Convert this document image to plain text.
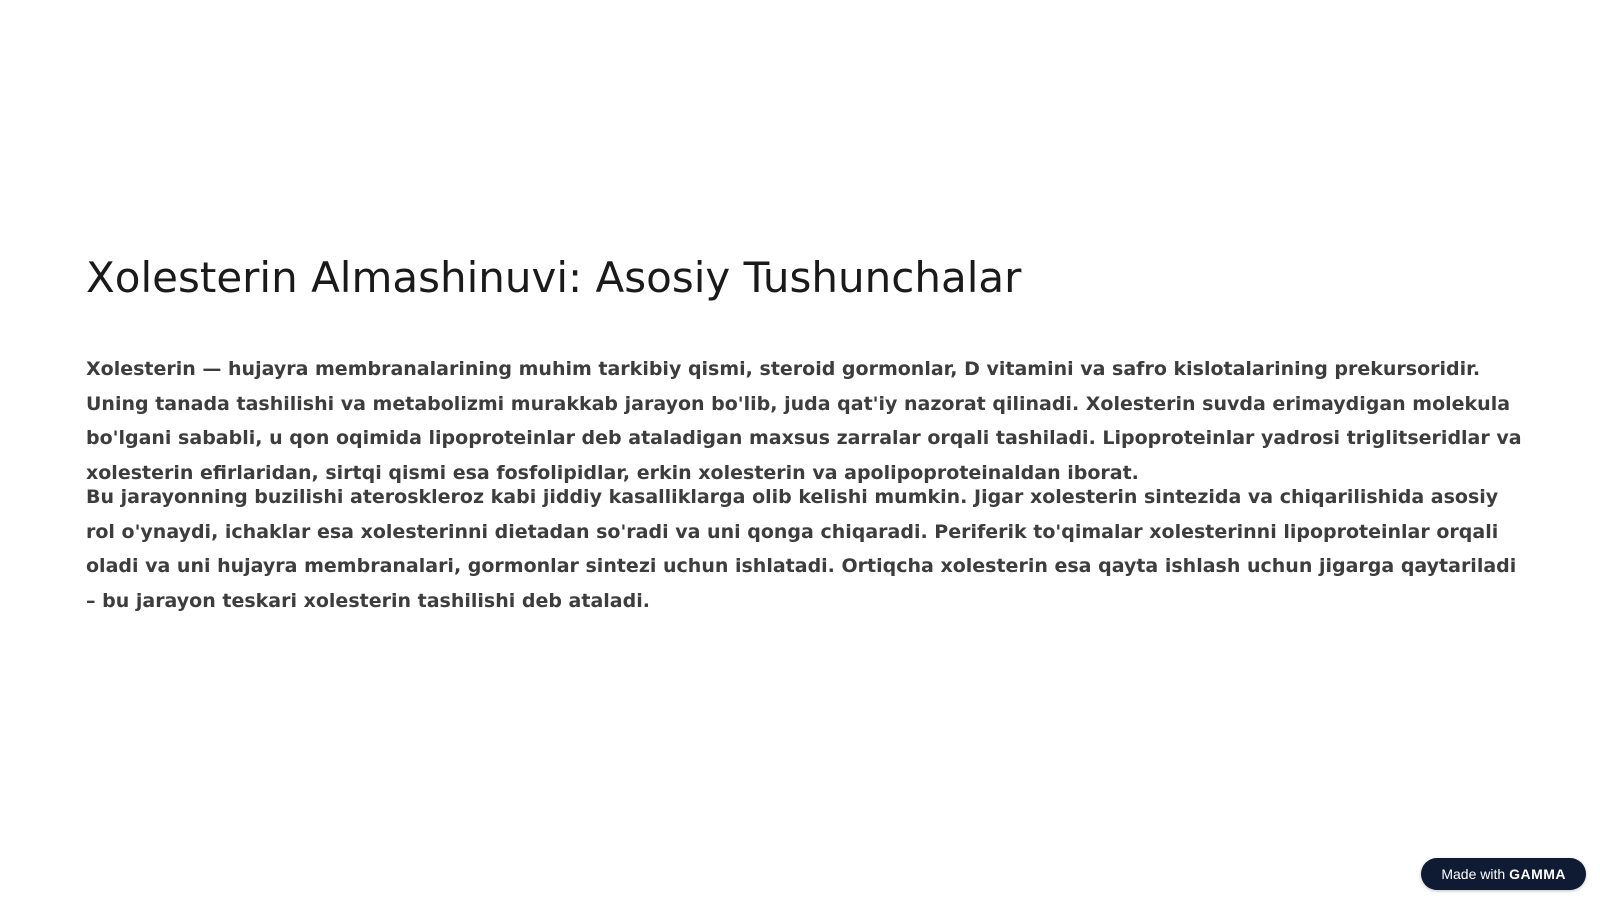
Xolesterin Almashinuvi: Asosiy Tushunchalar

Xolesterin — hujayra membranalarining muhim tarkibiy qismi, steroid gormonlar, D vitamini va safro kislotalarining prekursoridir. Uning tanada tashilishi va metabolizmi murakkab jarayon bo'lib, juda qat'iy nazorat qilinadi. Xolesterin suvda erimaydigan molekula bo'lgani sababli, u qon oqimida lipoproteinlar deb ataladigan maxsus zarralar orqali tashiladi. Lipoproteinlar yadrosi triglitseridlar va xolesterin efirlaridan, sirtqi qismi esa fosfolipidlar, erkin xolesterin va apolipoproteinaldan iborat.

Bu jarayonning buzilishi ateroskleroz kabi jiddiy kasalliklarga olib kelishi mumkin. Jigar xolesterin sintezida va chiqarilishida asosiy rol o'ynaydi, ichaklar esa xolesterinni dietadan so'radi va uni qonga chiqaradi. Periferik to'qimalar xolesterinni lipoproteinlar orqali oladi va uni hujayra membranalari, gormonlar sintezi uchun ishlatadi. Ortiqcha xolesterin esa qayta ishlash uchun jigarga qaytariladi – bu jarayon teskari xolesterin tashilishi deb ataladi.

Made with GAMMA
